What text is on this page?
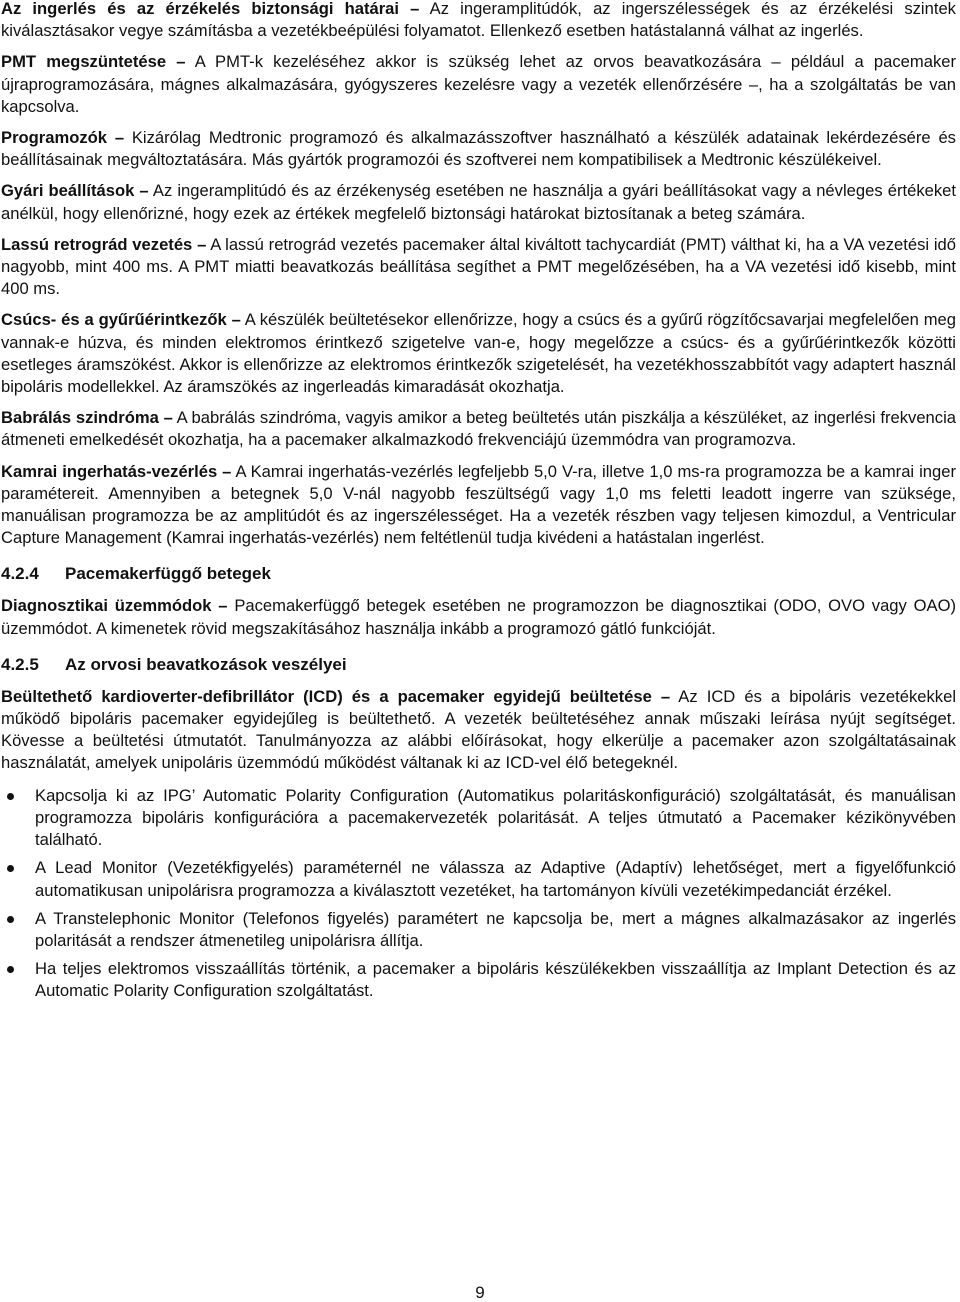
Az ingerlés és az érzékelés biztonsági határai – Az ingeramplitúdók, az ingerszélességek és az érzékelési szintek kiválasztásakor vegye számításba a vezetékbeépülési folyamatot. Ellenkező esetben hatástalanná válhat az ingerlés.

PMT megszüntetése – A PMT-k kezeléséhez akkor is szükség lehet az orvos beavatkozására – például a pacemaker újraprogramozására, mágnes alkalmazására, gyógyszeres kezelésre vagy a vezeték ellenőrzésére –, ha a szolgáltatás be van kapcsolva.

Programozók – Kizárólag Medtronic programozó és alkalmazásszoftver használható a készülék adatainak lekérdezésére és beállításainak megváltoztatására. Más gyártók programozói és szoftverei nem kompatibilisek a Medtronic készülékeivel.

Gyári beállítások – Az ingeramplitúdó és az érzékenység esetében ne használja a gyári beállításokat vagy a névleges értékeket anélkül, hogy ellenőrizné, hogy ezek az értékek megfelelő biztonsági határokat biztosítanak a beteg számára.

Lassú retrográd vezetés – A lassú retrográd vezetés pacemaker által kiváltott tachycardiát (PMT) válthat ki, ha a VA vezetési idő nagyobb, mint 400 ms. A PMT miatti beavatkozás beállítása segíthet a PMT megelőzésében, ha a VA vezetési idő kisebb, mint 400 ms.

Csúcs- és a gyűrűérintkezők – A készülék beültetésekor ellenőrizze, hogy a csúcs és a gyűrű rögzítőcsavarjai megfelelően meg vannak-e húzva, és minden elektromos érintkező szigetelve van-e, hogy megelőzze a csúcs- és a gyűrűérintkezők közötti esetleges áramszökést. Akkor is ellenőrizze az elektromos érintkezők szigetelését, ha vezetékhosszabbítót vagy adaptert használ bipoláris modellekkel. Az áramszökés az ingerleadás kimaradását okozhatja.

Babrálás szindróma – A babrálás szindróma, vagyis amikor a beteg beültetés után piszkálja a készüléket, az ingerlési frekvencia átmeneti emelkedését okozhatja, ha a pacemaker alkalmazkodó frekvenciájú üzemmódra van programozva.

Kamrai ingerhatás-vezérlés – A Kamrai ingerhatás-vezérlés legfeljebb 5,0 V-ra, illetve 1,0 ms-ra programozza be a kamrai inger paramétereit. Amennyiben a betegnek 5,0 V-nál nagyobb feszültségű vagy 1,0 ms feletti leadott ingerre van szüksége, manuálisan programozza be az amplitúdót és az ingerszélességet. Ha a vezeték részben vagy teljesen kimozdul, a Ventricular Capture Management (Kamrai ingerhatás-vezérlés) nem feltétlenül tudja kivédeni a hatástalan ingerlést.

4.2.4 Pacemakerfüggő betegek

Diagnosztikai üzemmódok – Pacemakerfüggő betegek esetében ne programozzon be diagnosztikai (ODO, OVO vagy OAO) üzemmódot. A kimenetek rövid megszakításához használja inkább a programozó gátló funkcióját.

4.2.5 Az orvosi beavatkozások veszélyei

Beültethető kardioverter-defibrillátor (ICD) és a pacemaker egyidejű beültetése – Az ICD és a bipoláris vezetékekkel működő bipoláris pacemaker egyidejűleg is beültethető. A vezeték beültetéséhez annak műszaki leírása nyújt segítséget. Kövesse a beültetési útmutatót. Tanulmányozza az alábbi előírásokat, hogy elkerülje a pacemaker azon szolgáltatásainak használatát, amelyek unipoláris üzemmódú működést váltanak ki az ICD-vel élő betegeknél.

Kapcsolja ki az IPG’ Automatic Polarity Configuration (Automatikus polaritáskonfiguráció) szolgáltatását, és manuálisan programozza bipoláris konfigurációra a pacemakervezeték polaritását. A teljes útmutató a Pacemaker kézikönyvében található.
A Lead Monitor (Vezetékfigyelés) paraméternél ne válassza az Adaptive (Adaptív) lehetőséget, mert a figyelőfunkció automatikusan unipolárisra programozza a kiválasztott vezetéket, ha tartományon kívüli vezetékimpedanciát érzékel.
A Transtelephonic Monitor (Telefonos figyelés) paramétert ne kapcsolja be, mert a mágnes alkalmazásakor az ingerlés polaritását a rendszer átmenetileg unipolárisra állítja.
Ha teljes elektromos visszaállítás történik, a pacemaker a bipoláris készülékekben visszaállítja az Implant Detection és az Automatic Polarity Configuration szolgáltatást.
9
